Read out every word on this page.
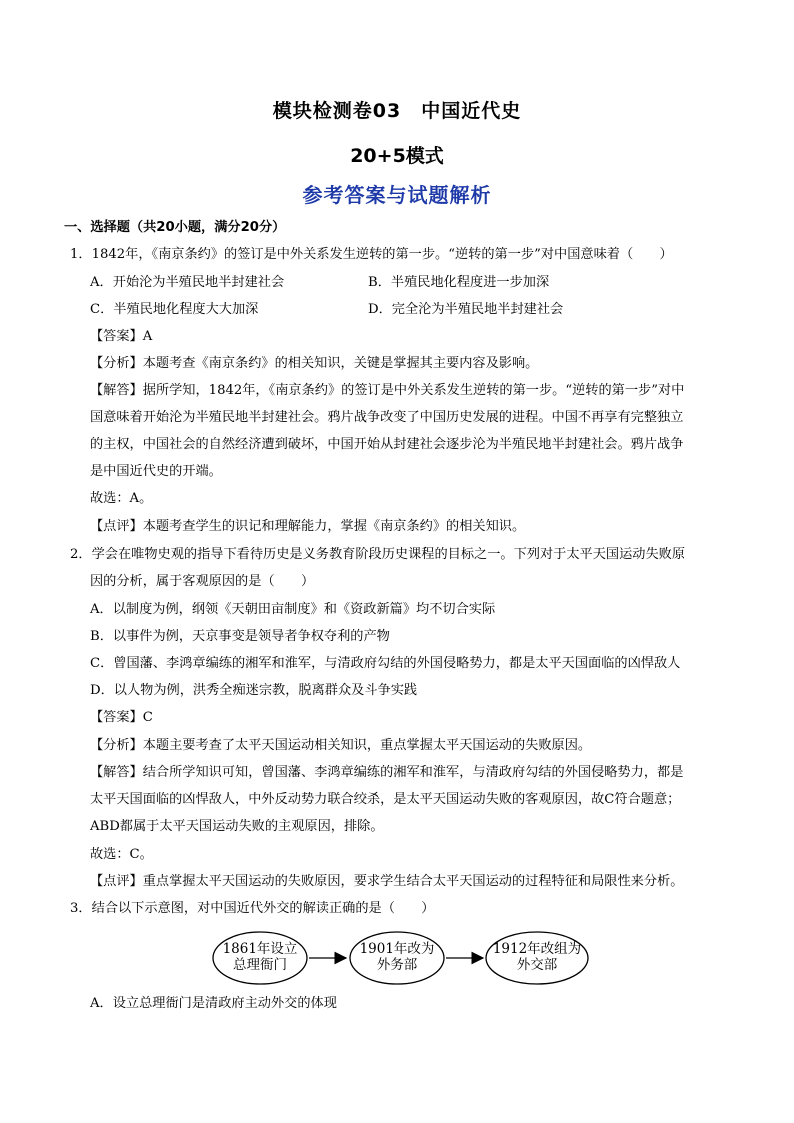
模块检测卷03　中国近代史
20+5模式
参考答案与试题解析
一、选择题（共20小题，满分20分）
1．1842年，《南京条约》的签订是中外关系发生逆转的第一步。“逆转的第一步”对中国意味着（　　）
A．开始沦为半殖民地半封建社会	B．半殖民地化程度进一步加深
C．半殖民地化程度大大加深	D．完全沦为半殖民地半封建社会
【答案】A
【分析】本题考查《南京条约》的相关知识，关键是掌握其主要内容及影响。
【解答】据所学知，1842年，《南京条约》的签订是中外关系发生逆转的第一步。“逆转的第一步”对中
国意味着开始沦为半殖民地半封建社会。鸦片战争改变了中国历史发展的进程。中国不再享有完整独立
的主权，中国社会的自然经济遭到破坏，中国开始从封建社会逐步沦为半殖民地半封建社会。鸦片战争
是中国近代史的开端。
故选：A。
【点评】本题考查学生的识记和理解能力，掌握《南京条约》的相关知识。
2．学会在唯物史观的指导下看待历史是义务教育阶段历史课程的目标之一。下列对于太平天国运动失败原
因的分析，属于客观原因的是（　　）
A．以制度为例，纲领《天朝田亩制度》和《资政新篇》均不切合实际
B．以事件为例，天京事变是领导者争权夺利的产物
C．曾国藩、李鸿章编练的湘军和淮军，与清政府勾结的外国侵略势力，都是太平天国面临的凶悍敌人
D．以人物为例，洪秀全痴迷宗教，脱离群众及斗争实践
【答案】C
【分析】本题主要考查了太平天国运动相关知识，重点掌握太平天国运动的失败原因。
【解答】结合所学知识可知，曾国藩、李鸿章编练的湘军和淮军，与清政府勾结的外国侵略势力，都是
太平天国面临的凶悍敌人，中外反动势力联合绞杀，是太平天国运动失败的客观原因，故C符合题意；
ABD都属于太平天国运动失败的主观原因，排除。
故选：C。
【点评】重点掌握太平天国运动的失败原因，要求学生结合太平天国运动的过程特征和局限性来分析。
3．结合以下示意图，对中国近代外交的解读正确的是（　　）
1861年设立
总理衙门
1901年改为
外务部
1912年改组为
外交部
A．设立总理衙门是清政府主动外交的体现
